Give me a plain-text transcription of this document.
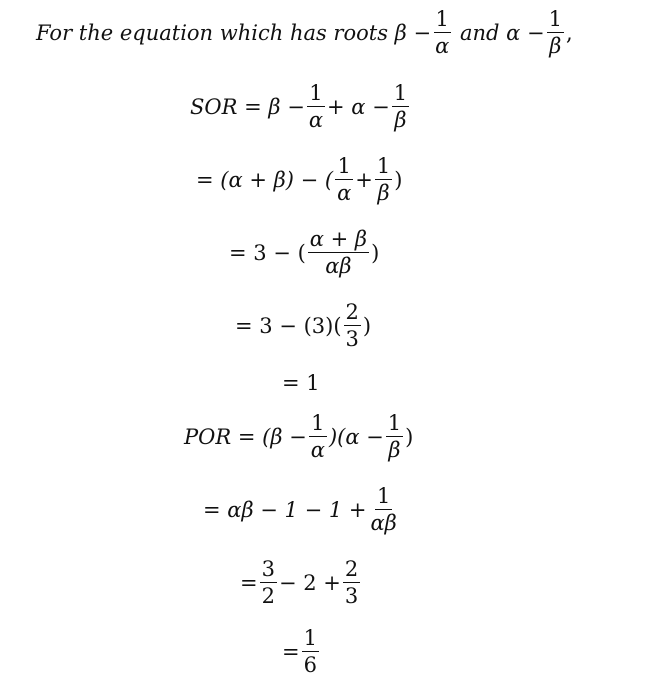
For the equation which has roots
$\beta - \frac{1}{\alpha}$
and $\alpha - \frac{1}{\beta}$ ,
SOR
=
$\beta - \frac{1}{\alpha} + \alpha - \frac{1}{\beta}$
= (α + β) − ( $\frac{1}{\alpha} + \frac{1}{\beta}$ )
= 3 − ( $\frac{\alpha + \beta}{\alpha\beta}$ )
= $3 - (3)( \frac{2}{3}$ )
= 1
POR
= $(\beta - \frac{1}{\alpha} )(\alpha - \frac{1}{\beta}$ )
= $\alpha\beta - 1 - 1 + \frac{1}{\alpha\beta}$
= $\frac{3}{2} - 2 + \frac{2}{3}$
= $\frac{1}{6}$
